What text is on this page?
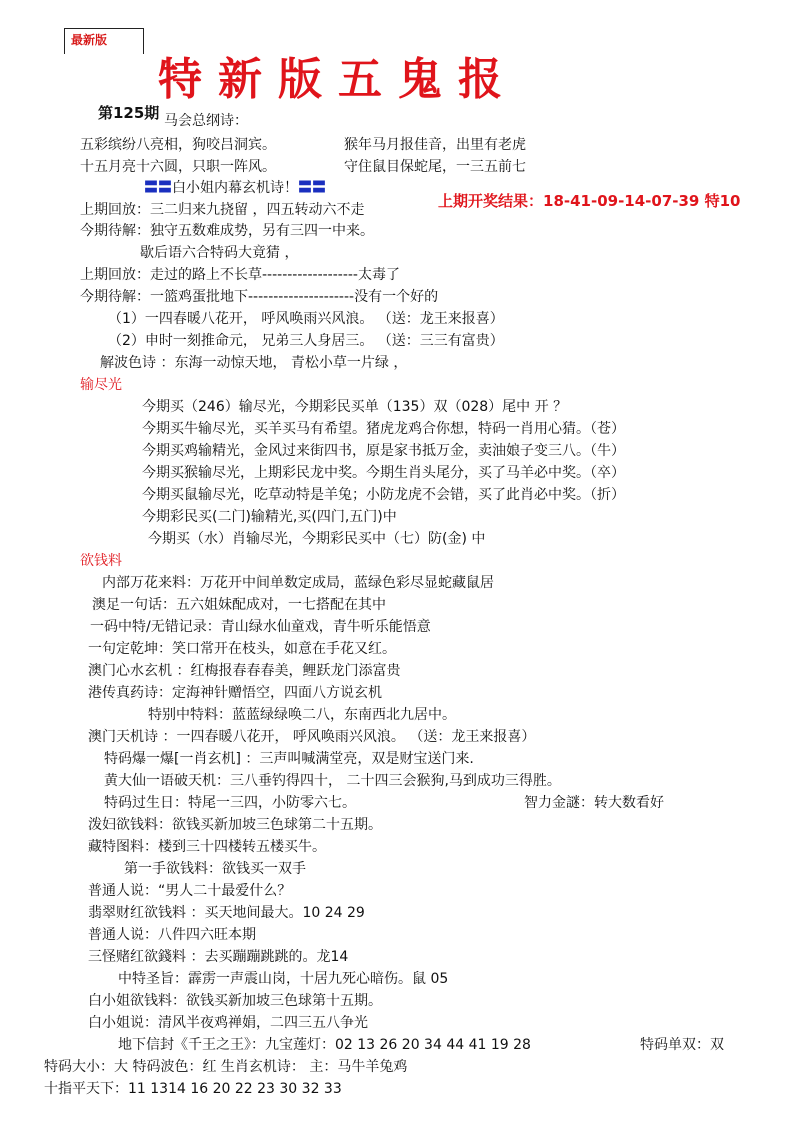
最新版
特新版五鬼报
第125期 马会总纲诗：
五彩缤纷八亮相，狗咬吕洞宾。	猴年马月报佳音，出里有老虎
十五月亮十六圆，只职一阵风。	守住鼠目保蛇尾，一三五前七
〓〓白小姐内幕玄机诗！〓〓
上期开奖结果：18-41-09-14-07-39 特10
上期回放：三二归来九挠留 ，四五转动六不走
今期待解：独守五数难成势，另有三四一中来。
歇后语六合特码大竟猜 ，
上期回放：走过的路上不长草-------------------太毒了
今期待解：一篮鸡蛋批地下---------------------没有一个好的
（1）一四春暖八花开， 呼风唤雨兴风浪。 （送：龙王来报喜）
（2）申时一刻推命元， 兄弟三人身居三。 （送：三三有富贵）
解波色诗 ：东海一动惊天地， 青松小草一片绿 ，
输尽光
今期买（246）输尽光，今期彩民买单（135）双（028）尾中 开 ？
今期买牛输尽光，买羊买马有希望。猪虎龙鸡合你想，特码一肖用心猜。（苍）
今期买鸡输精光，金风过来街四书，原是家书抵万金，卖油娘子变三八。（牛）
今期买猴输尽光，上期彩民龙中奖。今期生肖头尾分，买了马羊必中奖。（卒）
今期买鼠输尽光，吃草动特是羊兔；小防龙虎不会错，买了此肖必中奖。（折）
今期彩民买(二门)输精光,买(四门,五门)中
今期买（水）肖输尽光，今期彩民买中（七）防(金) 中
欲钱料
内部万花来料：万花开中间单数定成局，蓝绿色彩尽显蛇藏鼠居
澳足一句话：五六姐妹配成对，一七搭配在其中
一码中特/无错记录：青山绿水仙童戏，青牛听乐能悟意
一句定乾坤：笑口常开在枝头，如意在手花又红。
澳门心水玄机 ：红梅报春春春美，鲤跃龙门添富贵
港传真药诗：定海神针赠悟空，四面八方说玄机
特别中特料：蓝蓝绿绿唤二八，东南西北九居中。
澳门天机诗 ：一四春暖八花开， 呼风唤雨兴风浪。 （送：龙王来报喜）
特码爆一爆[一肖玄机] ：三声叫喊满堂亮，双是财宝送门来.
黄大仙一语破天机：三八垂钓得四十， 二十四三会猴狗,马到成功三得胜。
特码过生日：特尾一三四，小防零六七。	智力金謎：转大数看好
泼妇欲钱料：欲钱买新加坡三色球第二十五期。
藏特图料：楼到三十四楼转五楼买牛。
第一手欲钱料：欲钱买一双手
普通人说：“男人二十最爱什么？
翡翠财红欲钱料 ：买天地间最大。10 24 29
普通人说：八件四六旺本期
三怪赌红欲錢料 ：去买蹦蹦跳跳的。龙14
中特圣旨：霹雳一声震山岗，十居九死心暗伤。鼠 05
白小姐欲钱料：欲钱买新加坡三色球第十五期。
白小姐说：清风半夜鸡禅娟，二四三五八争光
地下信封《千王之王》：九宝莲灯：02 13 26 20 34 44 41 19 28	特码单双：双
特码大小：大 特码波色：红 生肖玄机诗： 主：马牛羊兔鸡
十指平天下：11 1314 16 20 22 23 30 32 33
